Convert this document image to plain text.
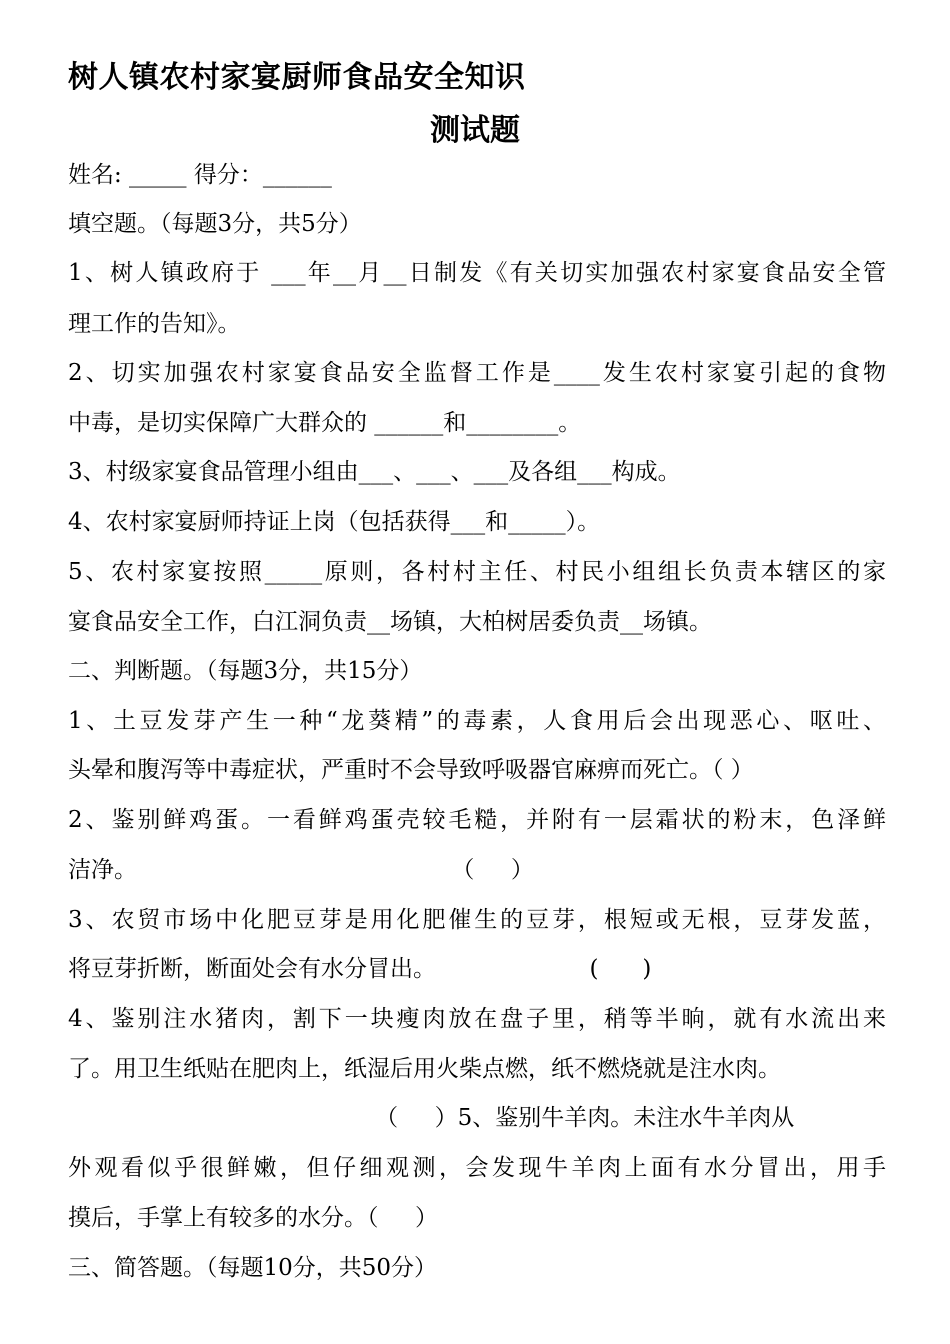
树人镇农村家宴厨师食品安全知识
测试题
姓名: _____ 得分：______
填空题。（每题3分，共5分）
1、树人镇政府于 ___年__月__日制发《有关切实加强农村家宴食品安全管
理工作的告知》。
2、切实加强农村家宴食品安全监督工作是____发生农村家宴引起的食物
中毒，是切实保障广大群众的 ______和________。
3、村级家宴食品管理小组由___、___、___及各组___构成。
4、农村家宴厨师持证上岗（包括获得___和_____）。
5、农村家宴按照_____原则，各村村主任、村民小组组长负责本辖区的家
宴食品安全工作，白江洞负责__场镇，大柏树居委负责__场镇。
二、判断题。（每题3分，共15分）
1、土豆发芽产生一种“龙葵精”的毒素，人食用后会出现恶心、呕吐、
头晕和腹泻等中毒症状，严重时不会导致呼吸器官麻痹而死亡。（ ）
2、鉴别鲜鸡蛋。一看鲜鸡蛋壳较毛糙，并附有一层霜状的粉末，色泽鲜
洁净。                                           （     ）
3、农贸市场中化肥豆芽是用化肥催生的豆芽，根短或无根，豆芽发蓝，
将豆芽折断，断面处会有水分冒出。                     (      )
4、鉴别注水猪肉，割下一块瘦肉放在盘子里，稍等半晌，就有水流出来
了。用卫生纸贴在肥肉上，纸湿后用火柴点燃，纸不燃烧就是注水肉。
（     ）5、鉴别牛羊肉。未注水牛羊肉从
外观看似乎很鲜嫩，但仔细观测，会发现牛羊肉上面有水分冒出，用手
摸后，手掌上有较多的水分。（     ）
三、简答题。（每题10分，共50分）
